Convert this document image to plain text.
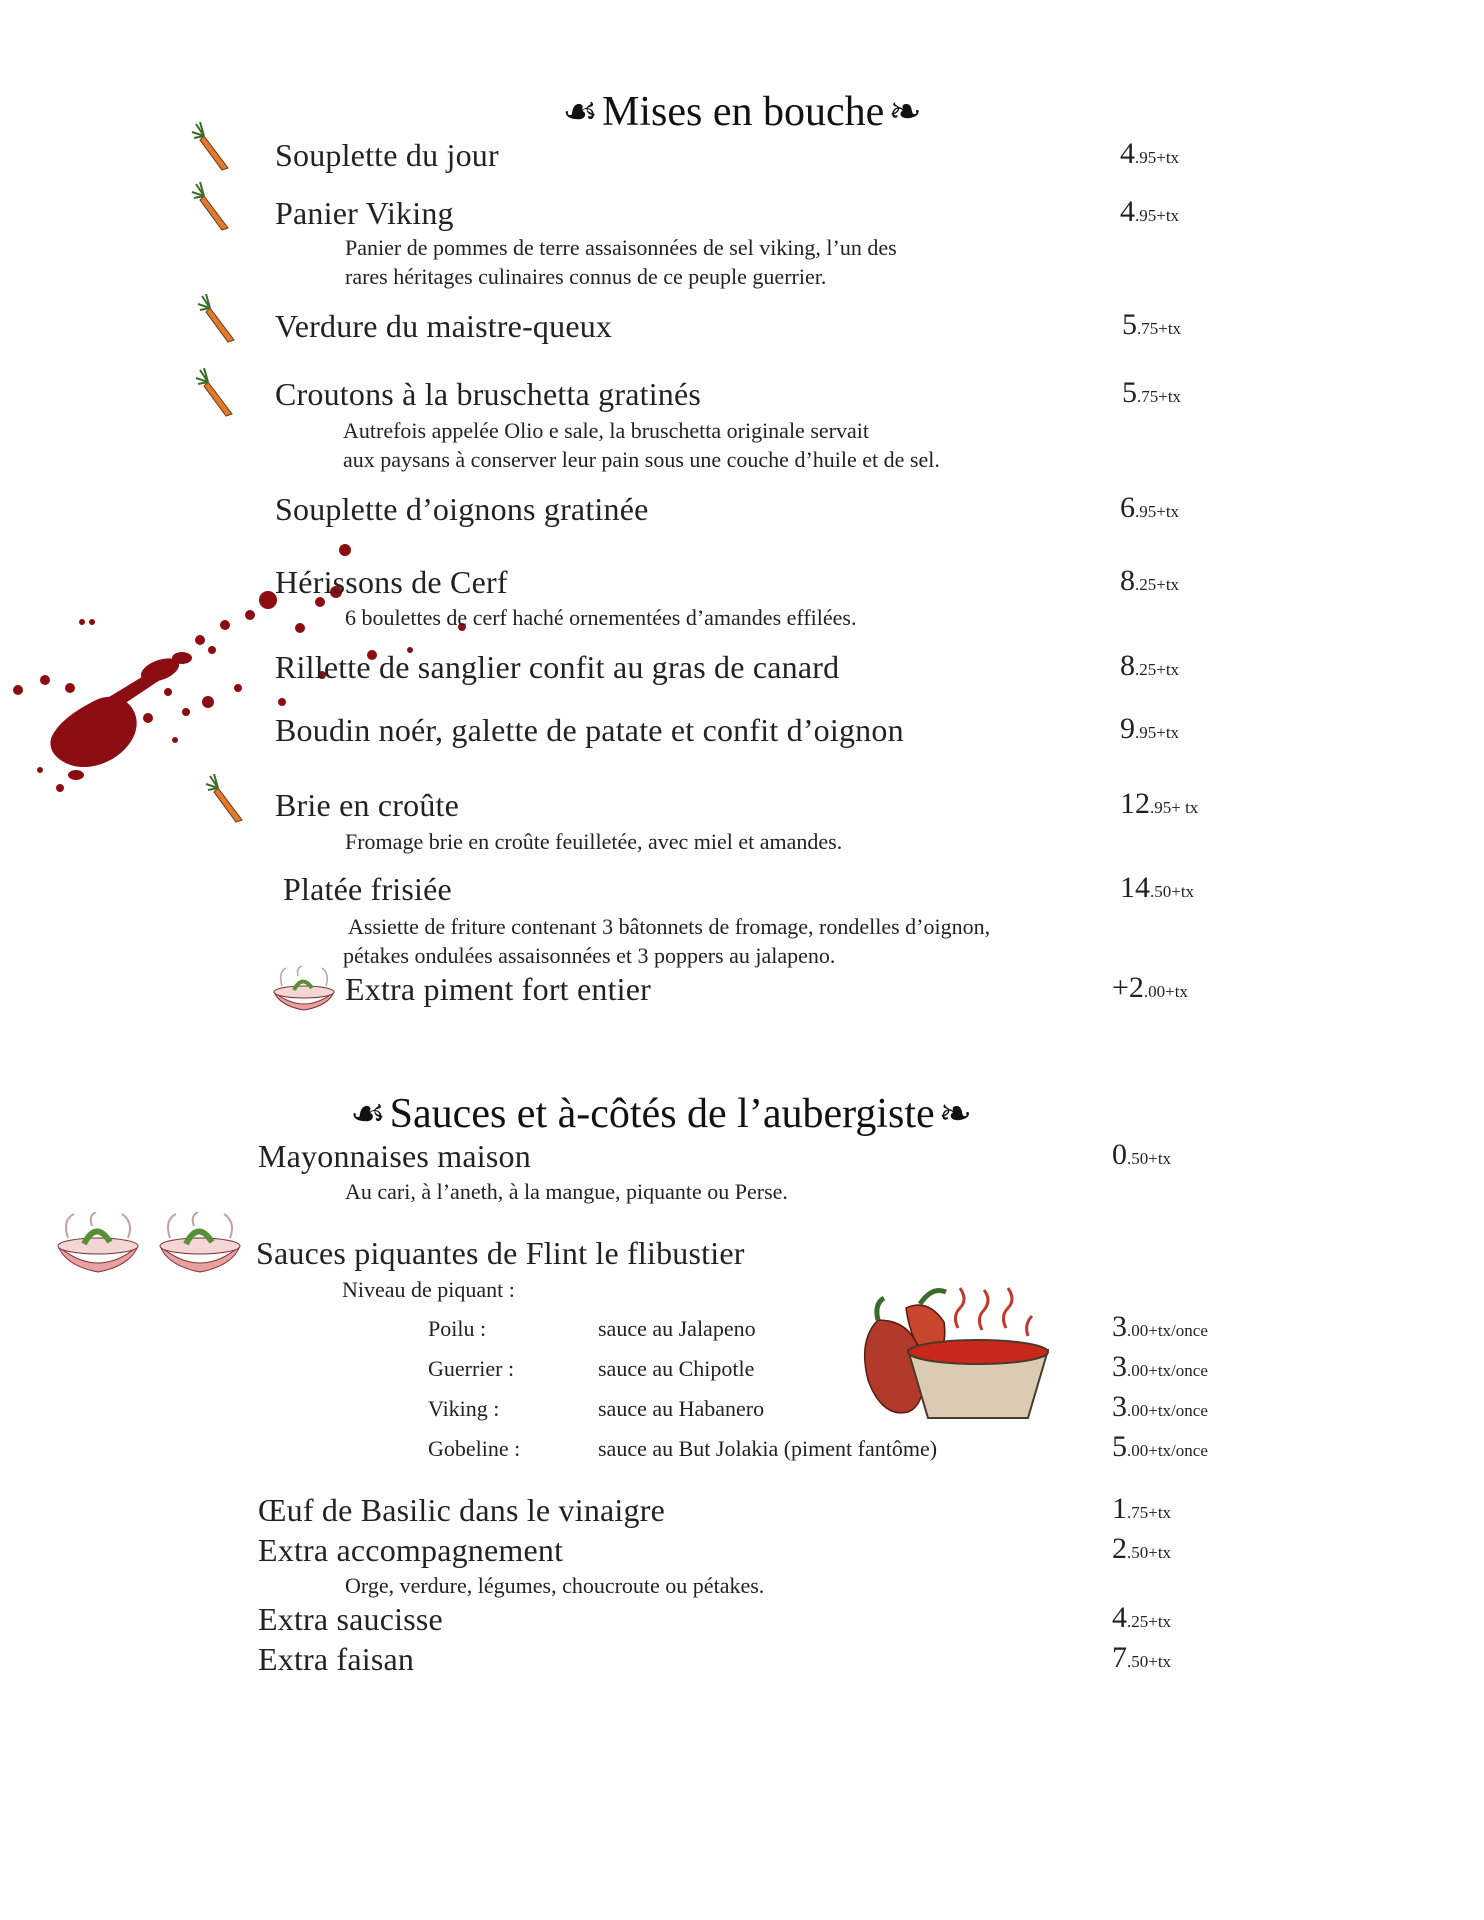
☙ Mises en bouche ❧
Souplette du jour	4.95+tx
Panier Viking	4.95+tx
Panier de pommes de terre assaisonnées de sel viking, l’un des
rares héritages culinaires connus de ce peuple guerrier.
Verdure du maistre-queux	5.75+tx
Croutons à la bruschetta gratinés	5.75+tx
Autrefois appelée Olio e sale, la bruschetta originale servait
aux paysans à conserver leur pain sous une couche d’huile et de sel.
Souplette d’oignons gratinée	6.95+tx
Hérissons de Cerf	8.25+tx
6 boulettes de cerf haché ornementées d’amandes effilées.
Rillette de sanglier confit au gras de canard	8.25+tx
Boudin noér, galette de patate et confit d’oignon	9.95+tx
Brie en croûte	12.95+ tx
Fromage brie en croûte feuilletée, avec miel et amandes.
Platée frisiée	14.50+tx
Assiette de friture contenant 3 bâtonnets de fromage, rondelles d’oignon,
pétakes ondulées assaisonnées et 3 poppers au jalapeno.
Extra piment fort entier	+2.00+tx
☙ Sauces et à-côtés de l’aubergiste ❧
Mayonnaises maison	0.50+tx
Au cari, à l’aneth, à la mangue, piquante ou Perse.
Sauces piquantes de Flint le flibustier
Niveau de piquant :
Poilu :	sauce au Jalapeno	3.00+tx/once
Guerrier :	sauce au Chipotle	3.00+tx/once
Viking :	sauce au Habanero	3.00+tx/once
Gobeline :	sauce au But Jolakia (piment fantôme)	5.00+tx/once
Œuf de Basilic dans le vinaigre	1.75+tx
Extra accompagnement	2.50+tx
Orge, verdure, légumes, choucroute ou pétakes.
Extra saucisse	4.25+tx
Extra faisan	7.50+tx
